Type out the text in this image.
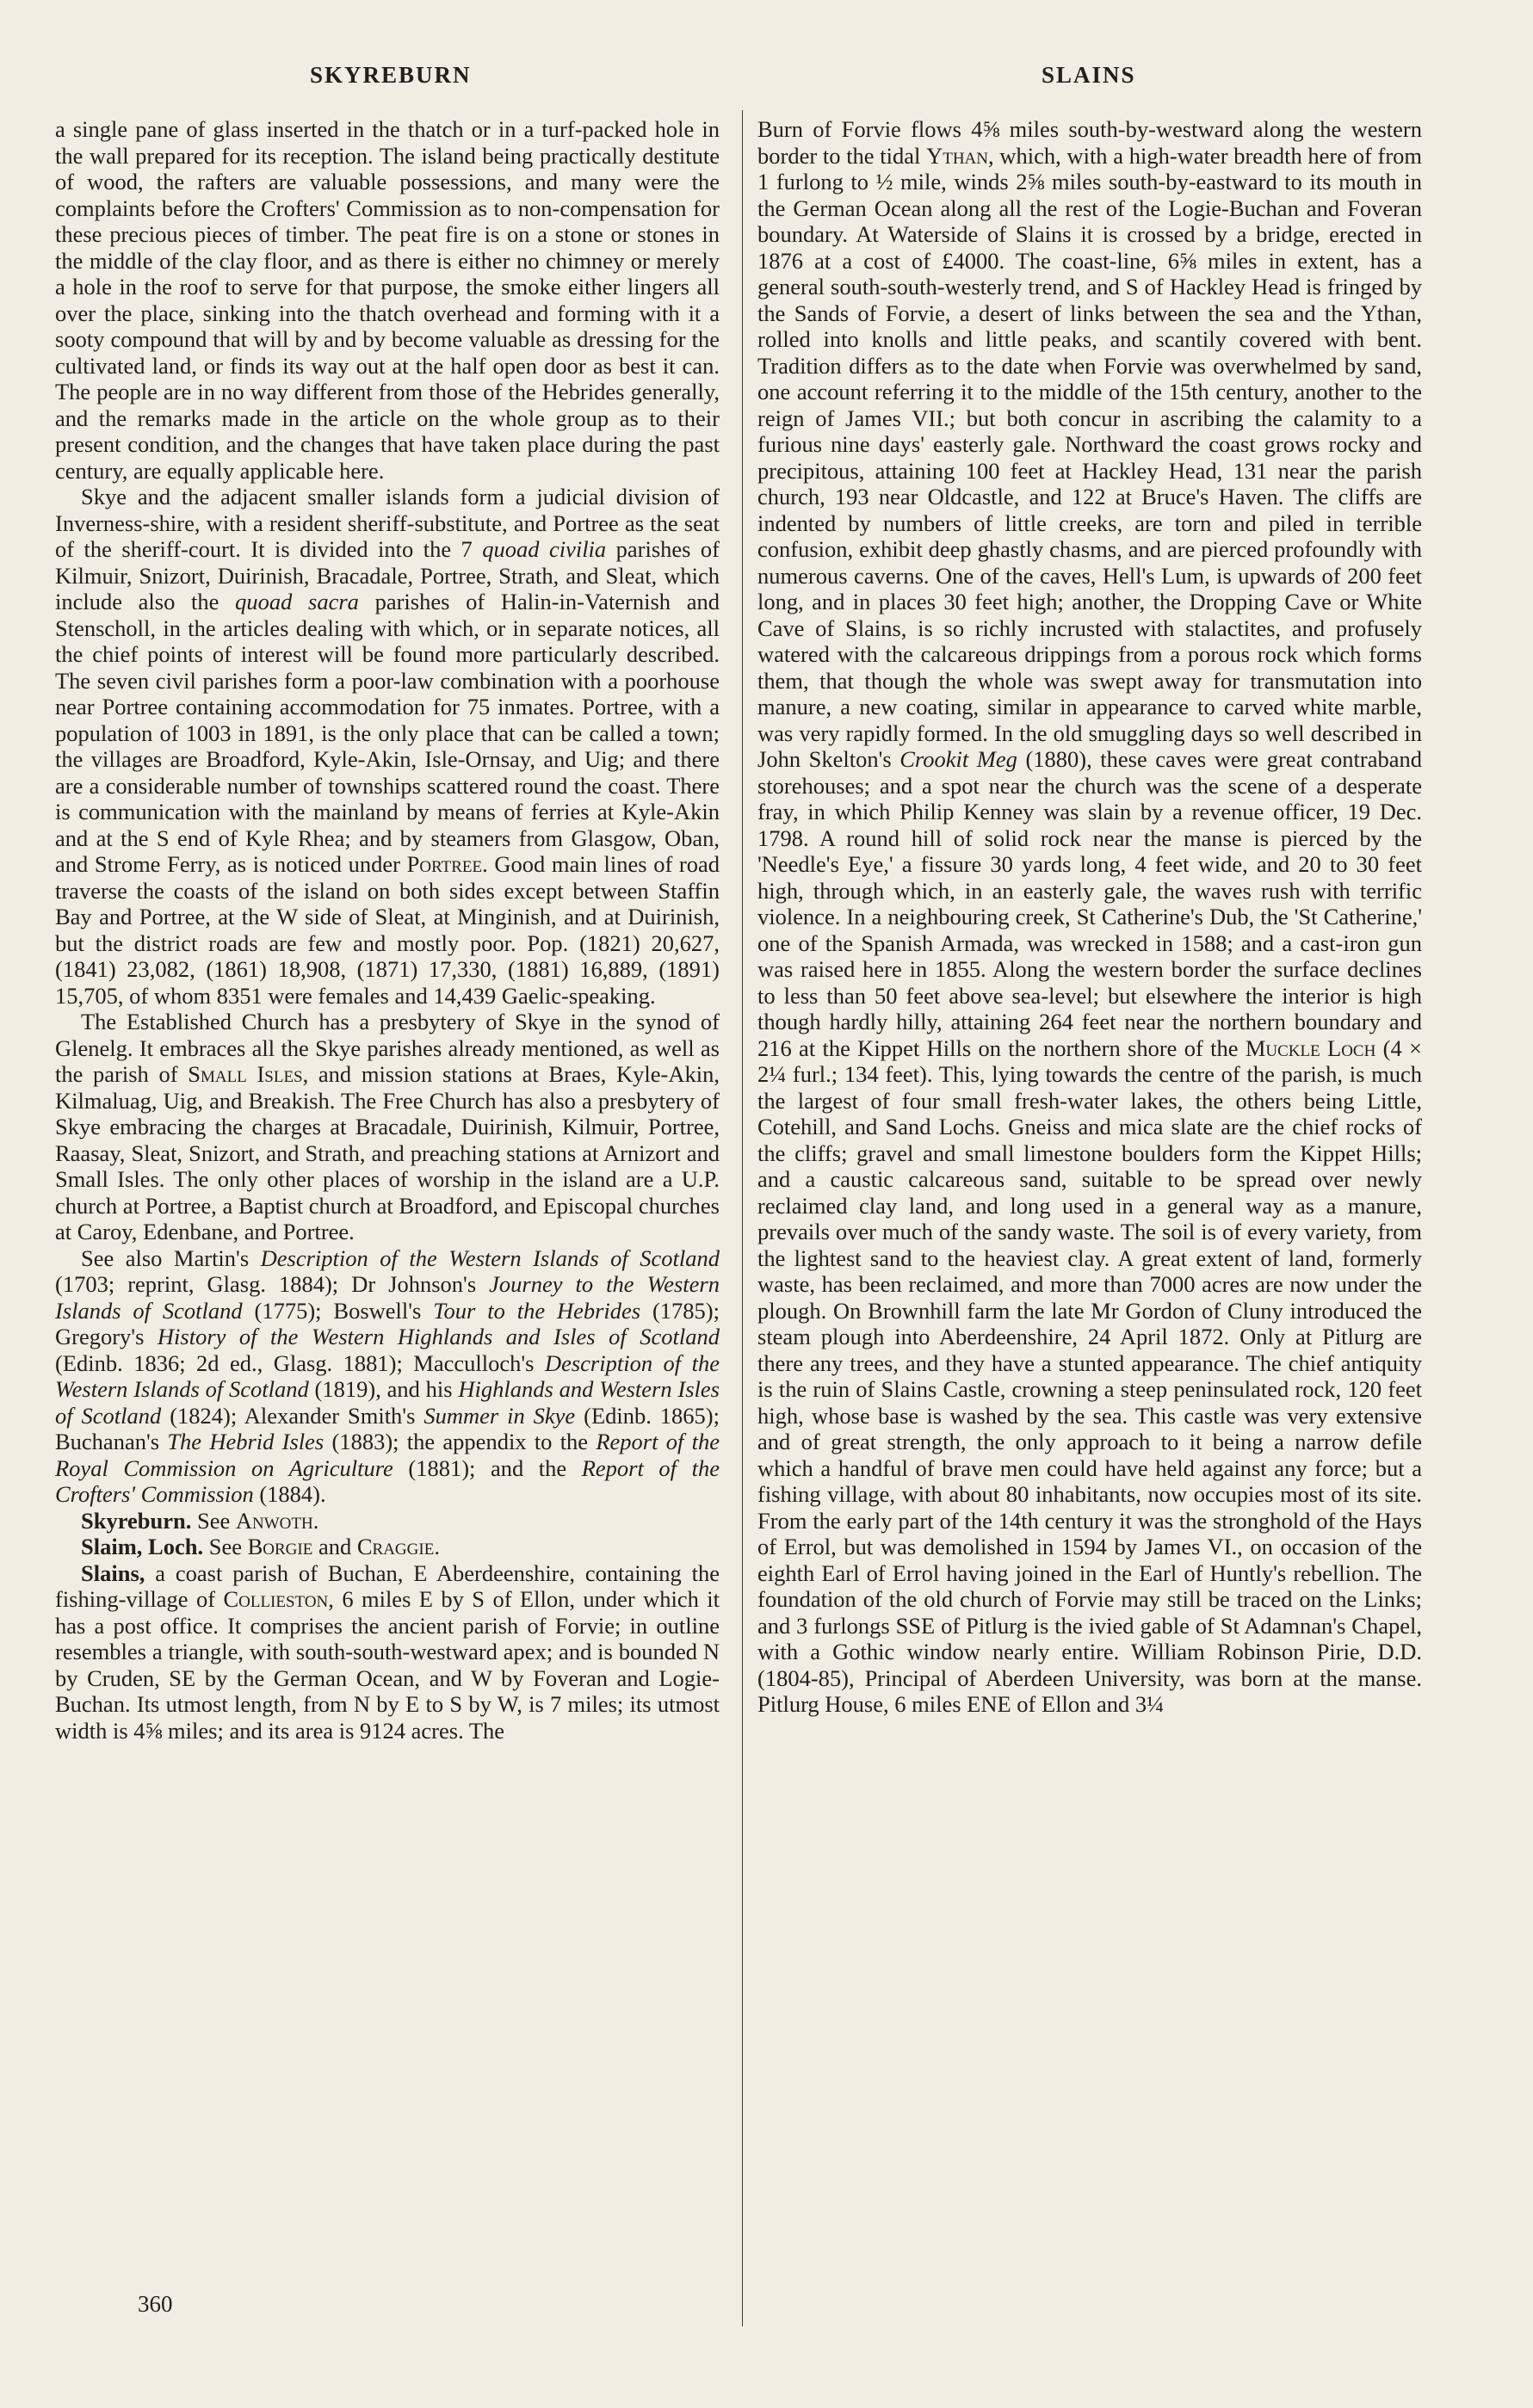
SKYREBURN	SLAINS

a single pane of glass inserted in the thatch or in a turf-packed hole in the wall prepared for its reception. The island being practically destitute of wood, the rafters are valuable possessions, and many were the complaints before the Crofters' Commission as to non-compensation for these precious pieces of timber. The peat fire is on a stone or stones in the middle of the clay floor, and as there is either no chimney or merely a hole in the roof to serve for that purpose, the smoke either lingers all over the place, sinking into the thatch overhead and forming with it a sooty compound that will by and by become valuable as dressing for the cultivated land, or finds its way out at the half open door as best it can. The people are in no way different from those of the Hebrides generally, and the remarks made in the article on the whole group as to their present condition, and the changes that have taken place during the past century, are equally applicable here.

Skye and the adjacent smaller islands form a judicial division of Inverness-shire, with a resident sheriff-substitute, and Portree as the seat of the sheriff-court. It is divided into the 7 quoad civilia parishes of Kilmuir, Snizort, Duirinish, Bracadale, Portree, Strath, and Sleat, which include also the quoad sacra parishes of Halin-in-Vaternish and Stenscholl, in the articles dealing with which, or in separate notices, all the chief points of interest will be found more particularly described. The seven civil parishes form a poor-law combination with a poorhouse near Portree containing accommodation for 75 inmates. Portree, with a population of 1003 in 1891, is the only place that can be called a town; the villages are Broadford, Kyle-Akin, Isle-Ornsay, and Uig; and there are a considerable number of townships scattered round the coast. There is communication with the mainland by means of ferries at Kyle-Akin and at the S end of Kyle Rhea; and by steamers from Glasgow, Oban, and Strome Ferry, as is noticed under Portree. Good main lines of road traverse the coasts of the island on both sides except between Staffin Bay and Portree, at the W side of Sleat, at Minginish, and at Duirinish, but the district roads are few and mostly poor. Pop. (1821) 20,627, (1841) 23,082, (1861) 18,908, (1871) 17,330, (1881) 16,889, (1891) 15,705, of whom 8351 were females and 14,439 Gaelic-speaking.

The Established Church has a presbytery of Skye in the synod of Glenelg. It embraces all the Skye parishes already mentioned, as well as the parish of Small Isles, and mission stations at Braes, Kyle-Akin, Kilmaluag, Uig, and Breakish. The Free Church has also a presbytery of Skye embracing the charges at Bracadale, Duirinish, Kilmuir, Portree, Raasay, Sleat, Snizort, and Strath, and preaching stations at Arnizort and Small Isles. The only other places of worship in the island are a U.P. church at Portree, a Baptist church at Broadford, and Episcopal churches at Caroy, Edenbane, and Portree.

See also Martin's Description of the Western Islands of Scotland (1703; reprint, Glasg. 1884); Dr Johnson's Journey to the Western Islands of Scotland (1775); Boswell's Tour to the Hebrides (1785); Gregory's History of the Western Highlands and Isles of Scotland (Edinb. 1836; 2d ed., Glasg. 1881); Macculloch's Description of the Western Islands of Scotland (1819), and his Highlands and Western Isles of Scotland (1824); Alexander Smith's Summer in Skye (Edinb. 1865); Buchanan's The Hebrid Isles (1883); the appendix to the Report of the Royal Commission on Agriculture (1881); and the Report of the Crofters' Commission (1884).

Skyreburn. See Anwoth.

Slaim, Loch. See Borgie and Craggie.

Slains, a coast parish of Buchan, E Aberdeenshire, containing the fishing-village of Collieston, 6 miles E by S of Ellon, under which it has a post office. It comprises the ancient parish of Forvie; in outline resembles a triangle, with south-south-westward apex; and is bounded N by Cruden, SE by the German Ocean, and W by Foveran and Logie-Buchan. Its utmost length, from N by E to S by W, is 7 miles; its utmost width is 4⅝ miles; and its area is 9124 acres. The

Burn of Forvie flows 4⅝ miles south-by-westward along the western border to the tidal Ythan, which, with a high-water breadth here of from 1 furlong to ½ mile, winds 2⅝ miles south-by-eastward to its mouth in the German Ocean along all the rest of the Logie-Buchan and Foveran boundary. At Waterside of Slains it is crossed by a bridge, erected in 1876 at a cost of £4000. The coast-line, 6⅝ miles in extent, has a general south-south-westerly trend, and S of Hackley Head is fringed by the Sands of Forvie, a desert of links between the sea and the Ythan, rolled into knolls and little peaks, and scantily covered with bent. Tradition differs as to the date when Forvie was overwhelmed by sand, one account referring it to the middle of the 15th century, another to the reign of James VII.; but both concur in ascribing the calamity to a furious nine days' easterly gale. Northward the coast grows rocky and precipitous, attaining 100 feet at Hackley Head, 131 near the parish church, 193 near Oldcastle, and 122 at Bruce's Haven. The cliffs are indented by numbers of little creeks, are torn and piled in terrible confusion, exhibit deep ghastly chasms, and are pierced profoundly with numerous caverns. One of the caves, Hell's Lum, is upwards of 200 feet long, and in places 30 feet high; another, the Dropping Cave or White Cave of Slains, is so richly incrusted with stalactites, and profusely watered with the calcareous drippings from a porous rock which forms them, that though the whole was swept away for transmutation into manure, a new coating, similar in appearance to carved white marble, was very rapidly formed. In the old smuggling days so well described in John Skelton's Crookit Meg (1880), these caves were great contraband storehouses; and a spot near the church was the scene of a desperate fray, in which Philip Kenney was slain by a revenue officer, 19 Dec. 1798. A round hill of solid rock near the manse is pierced by the 'Needle's Eye,' a fissure 30 yards long, 4 feet wide, and 20 to 30 feet high, through which, in an easterly gale, the waves rush with terrific violence. In a neighbouring creek, St Catherine's Dub, the 'St Catherine,' one of the Spanish Armada, was wrecked in 1588; and a cast-iron gun was raised here in 1855. Along the western border the surface declines to less than 50 feet above sea-level; but elsewhere the interior is high though hardly hilly, attaining 264 feet near the northern boundary and 216 at the Kippet Hills on the northern shore of the Muckle Loch (4 × 2¼ furl.; 134 feet). This, lying towards the centre of the parish, is much the largest of four small fresh-water lakes, the others being Little, Cotehill, and Sand Lochs. Gneiss and mica slate are the chief rocks of the cliffs; gravel and small limestone boulders form the Kippet Hills; and a caustic calcareous sand, suitable to be spread over newly reclaimed clay land, and long used in a general way as a manure, prevails over much of the sandy waste. The soil is of every variety, from the lightest sand to the heaviest clay. A great extent of land, formerly waste, has been reclaimed, and more than 7000 acres are now under the plough. On Brownhill farm the late Mr Gordon of Cluny introduced the steam plough into Aberdeenshire, 24 April 1872. Only at Pitlurg are there any trees, and they have a stunted appearance. The chief antiquity is the ruin of Slains Castle, crowning a steep peninsulated rock, 120 feet high, whose base is washed by the sea. This castle was very extensive and of great strength, the only approach to it being a narrow defile which a handful of brave men could have held against any force; but a fishing village, with about 80 inhabitants, now occupies most of its site. From the early part of the 14th century it was the stronghold of the Hays of Errol, but was demolished in 1594 by James VI., on occasion of the eighth Earl of Errol having joined in the Earl of Huntly's rebellion. The foundation of the old church of Forvie may still be traced on the Links; and 3 furlongs SSE of Pitlurg is the ivied gable of St Adamnan's Chapel, with a Gothic window nearly entire. William Robinson Pirie, D.D. (1804-85), Principal of Aberdeen University, was born at the manse. Pitlurg House, 6 miles ENE of Ellon and 3¼

360
